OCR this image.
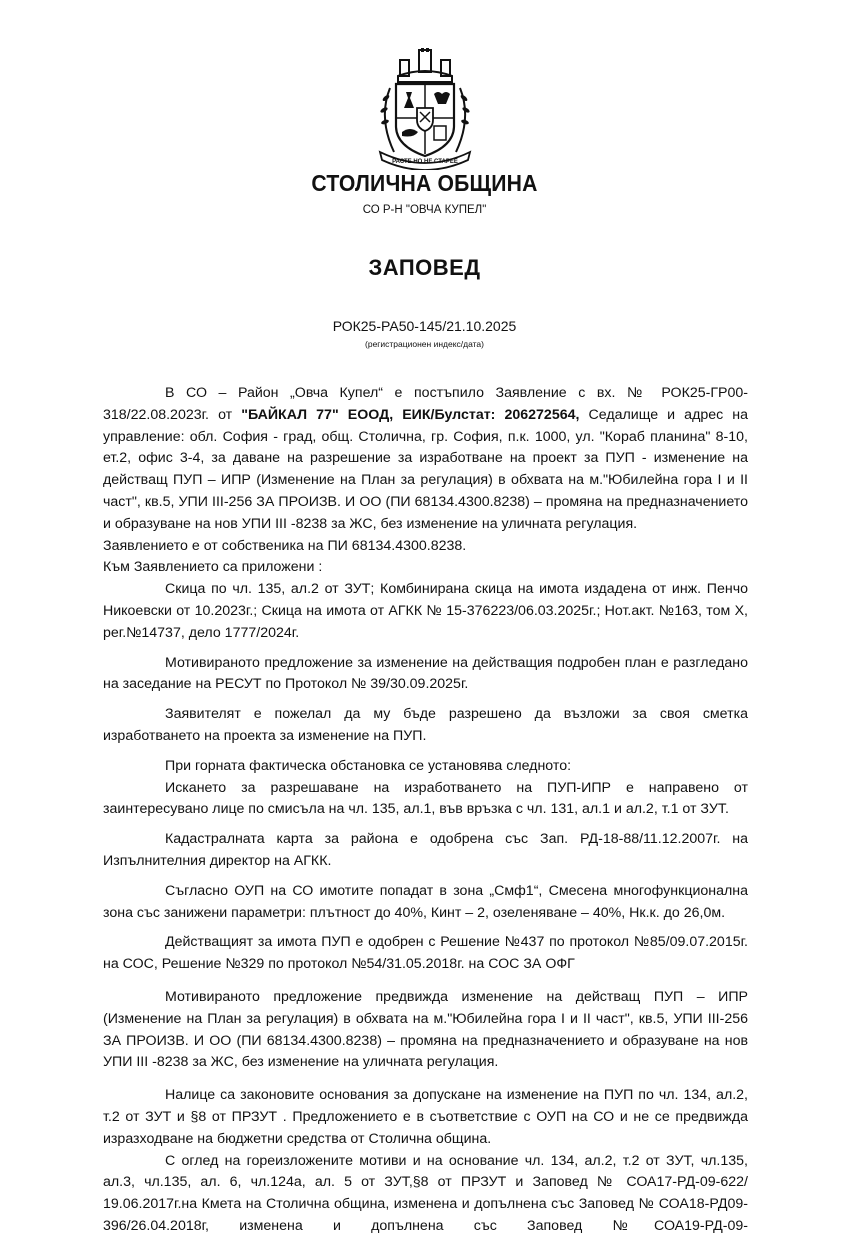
РАСТЕ НО НЕ СТАРЕЕ
СТОЛИЧНА ОБЩИНА
СО Р-Н "ОВЧА КУПЕЛ"
ЗАПОВЕД
РОК25-РА50-145/21.10.2025
(регистрационен индекс/дата)

В СО – Район „Овча Купел“ е постъпило Заявление с вх. № РОК25-ГР00-318/22.08.2023г. от "БАЙКАЛ 77" ЕООД, ЕИК/Булстат: 206272564, Седалище и адрес на управление: обл. София - град, общ. Столична, гр. София, п.к. 1000, ул. "Кораб планина" 8-10, ет.2, офис 3-4, за даване на разрешение за изработване на проект за ПУП - изменение на действащ ПУП – ИПР (Изменение на План за регулация) в обхвата на м."Юбилейна гора I и II част", кв.5, УПИ III-256 ЗА ПРОИЗВ. И ОО (ПИ 68134.4300.8238) – промяна на предназначението и образуване на нов УПИ III -8238 за ЖС, без изменение на уличната регулация.

Заявлението е от собственика на ПИ 68134.4300.8238.

Към Заявлението са приложени :

Скица по чл. 135, ал.2 от ЗУТ; Комбинирана скица на имота издадена от инж. Пенчо Никоевски от 10.2023г.; Скица на имота от АГКК № 15-376223/06.03.2025г.; Нот.акт. №163, том Х, рег.№14737, дело 1777/2024г.

Мотивираното предложение за изменение на действащия подробен план е разгледано на заседание на РЕСУТ по Протокол № 39/30.09.2025г.

Заявителят е пожелал да му бъде разрешено да възложи за своя сметка изработването на проекта за изменение на ПУП.

При горната фактическа обстановка се установява следното:

Искането за разрешаване на изработването на ПУП-ИПР е направено от заинтересувано лице по смисъла на чл. 135, ал.1, във връзка с чл. 131, ал.1 и ал.2, т.1 от ЗУТ.

Кадастралната карта за района е одобрена със Зап. РД-18-88/11.12.2007г. на Изпълнителния директор на АГКК.

Съгласно ОУП на СО имотите попадат в зона „Смф1“, Смесена многофункционална зона със занижени параметри: плътност до 40%, Кинт – 2, озеленяване – 40%, Нк.к. до 26,0м.

Действащият за имота ПУП е одобрен с Решение №437 по протокол №85/09.07.2015г. на СОС, Решение №329 по протокол №54/31.05.2018г. на СОС ЗА ОФГ

Мотивираното предложение предвижда изменение на действащ ПУП – ИПР (Изменение на План за регулация) в обхвата на м."Юбилейна гора I и II част", кв.5, УПИ III-256 ЗА ПРОИЗВ. И ОО (ПИ 68134.4300.8238) – промяна на предназначението и образуване на нов УПИ III -8238 за ЖС, без изменение на уличната регулация.

Налице са законовите основания за допускане на изменение на ПУП по чл. 134, ал.2, т.2 от ЗУТ и §8 от ПРЗУТ . Предложението е в съответствие с ОУП на СО и не се предвижда изразходване на бюджетни средства от Столична община.

С оглед на гореизложените мотиви и на основание чл. 134, ал.2, т.2 от ЗУТ, чл.135, ал.3, чл.135, ал. 6, чл.124а, ал. 5 от ЗУТ,§8 от ПРЗУТ и Заповед № СОА17-РД-09-622/ 19.06.2017г.на Кмета на Столична община, изменена и допълнена със Заповед № СОА18-РД09-396/26.04.2018г, изменена и допълнена със Заповед №СОА19-РД-09-
